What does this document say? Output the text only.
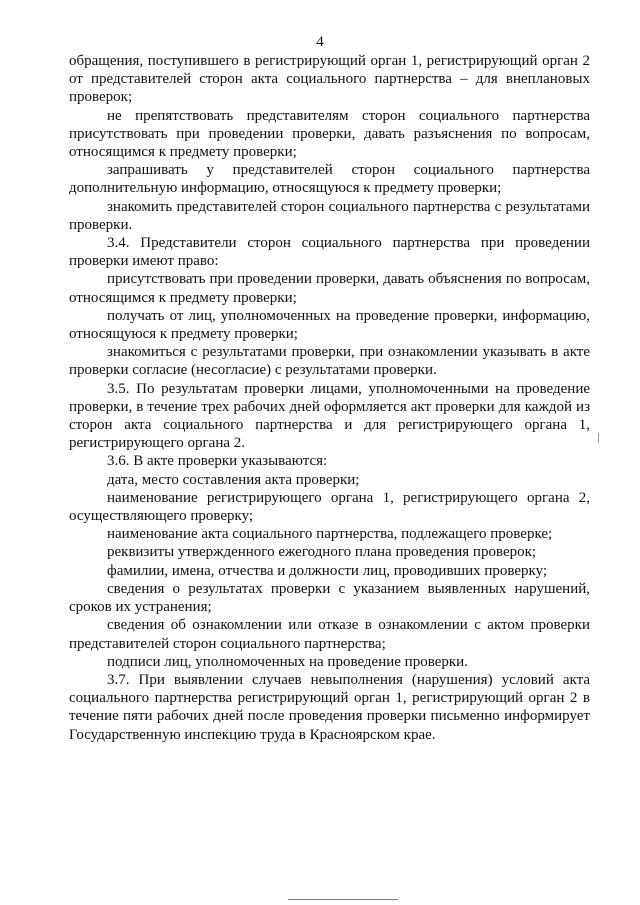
4

обращения, поступившего в регистрирующий орган 1, регистрирующий орган 2 от представителей сторон акта социального партнерства – для внеплановых проверок;

не препятствовать представителям сторон социального партнерства присутствовать при проведении проверки, давать разъяснения по вопросам, относящимся к предмету проверки;

запрашивать у представителей сторон социального партнерства дополнительную информацию, относящуюся к предмету проверки;

знакомить представителей сторон социального партнерства с результатами проверки.

3.4. Представители сторон социального партнерства при проведении проверки имеют право:

присутствовать при проведении проверки, давать объяснения по вопросам, относящимся к предмету проверки;

получать от лиц, уполномоченных на проведение проверки, информацию, относящуюся к предмету проверки;

знакомиться с результатами проверки, при ознакомлении указывать в акте проверки согласие (несогласие) с результатами проверки.

3.5. По результатам проверки лицами, уполномоченными на проведение проверки, в течение трех рабочих дней оформляется акт проверки для каждой из сторон акта социального партнерства и для регистрирующего органа 1, регистрирующего органа 2.

3.6. В акте проверки указываются:

дата, место составления акта проверки;

наименование регистрирующего органа 1, регистрирующего органа 2, осуществляющего проверку;

наименование акта социального партнерства, подлежащего проверке;

реквизиты утвержденного ежегодного плана проведения проверок;

фамилии, имена, отчества и должности лиц, проводивших проверку;

сведения о результатах проверки с указанием выявленных нарушений, сроков их устранения;

сведения об ознакомлении или отказе в ознакомлении с актом проверки представителей сторон социального партнерства;

подписи лиц, уполномоченных на проведение проверки.

3.7. При выявлении случаев невыполнения (нарушения) условий акта социального партнерства регистрирующий орган 1, регистрирующий орган 2 в течение пяти рабочих дней после проведения проверки письменно информирует Государственную инспекцию труда в Красноярском крае.
